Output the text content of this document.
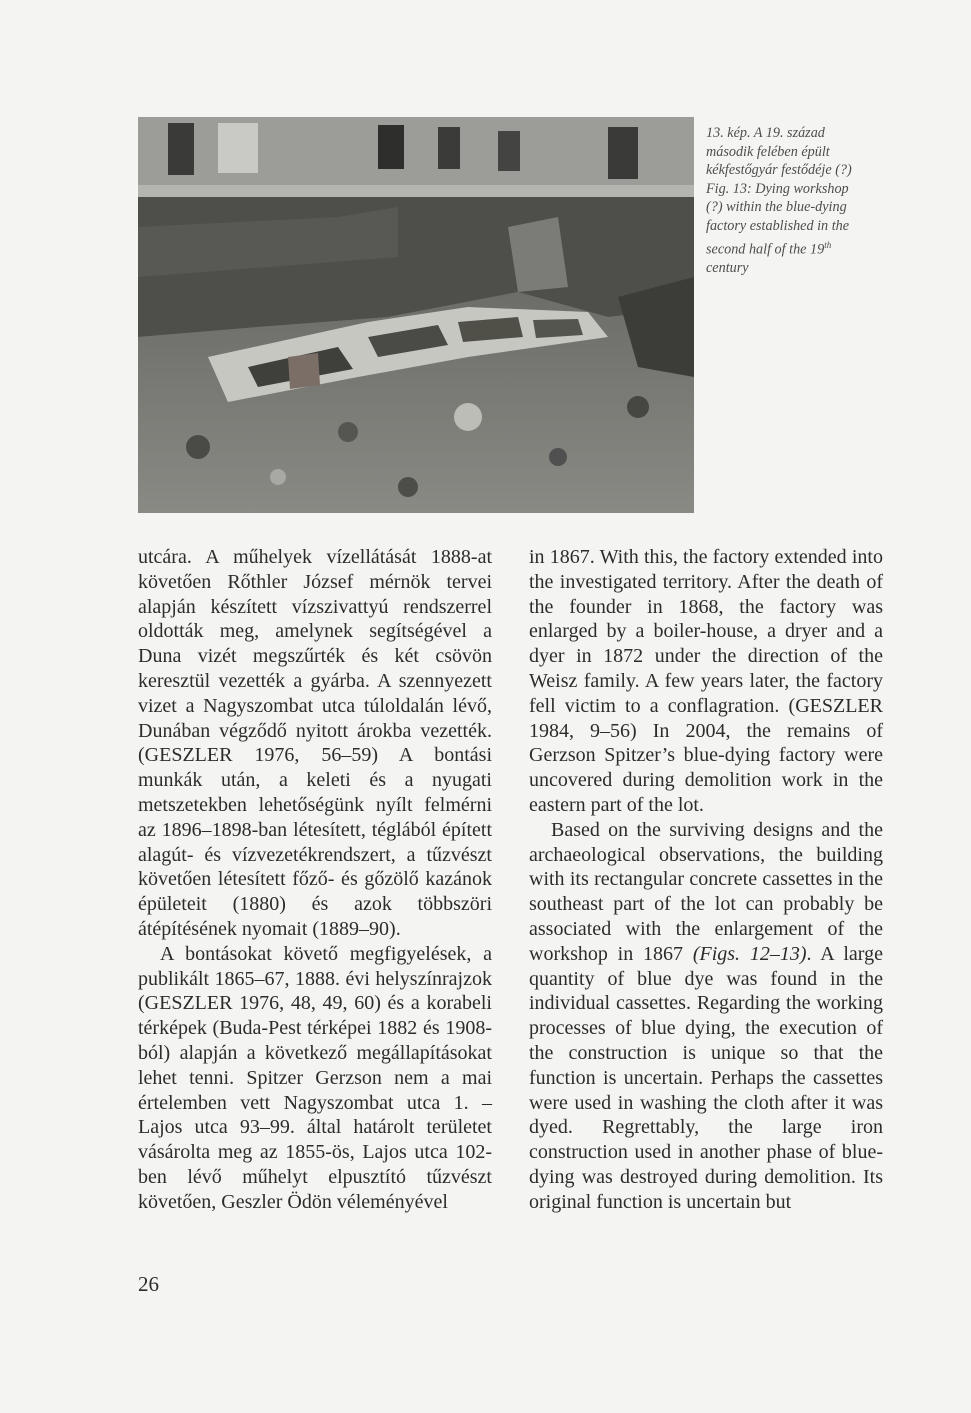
13. kép. A 19. század

második felében épült

kékfestőgyár festődéje (?)

Fig. 13: Dying workshop

(?) within the blue-dying

factory established in the

second half of the 19th

century

utcára. A műhelyek vízellátását 1888-at követően Rőthler József mérnök tervei alapján készített vízszivattyú rendszerrel oldották meg, amelynek segítségével a Duna vizét megszűrték és két csövön keresztül vezették a gyárba. A szennyezett vizet a Nagyszombat utca túloldalán lévő, Dunában végződő nyitott árokba vezették. (GESZLER 1976, 56–59) A bontási munkák után, a keleti és a nyugati metszetekben lehetőségünk nyílt felmérni az 1896–1898-ban létesített, téglából épített alagút- és vízvezetékrendszert, a tűzvészt követően létesített főző- és gőzölő kazánok épületeit (1880) és azok többszöri átépítésének nyomait (1889–90).

A bontásokat követő megfigyelések, a publikált 1865–67, 1888. évi helyszínrajzok (GESZLER 1976, 48, 49, 60) és a korabeli térképek (Buda-Pest térképei 1882 és 1908-ból) alapján a következő megállapításokat lehet tenni. Spitzer Gerzson nem a mai értelemben vett Nagyszombat utca 1. – Lajos utca 93–99. által határolt területet vásárolta meg az 1855-ös, Lajos utca 102-ben lévő műhelyt elpusztító tűzvészt követően, Geszler Ödön véleményével

in 1867. With this, the factory extended into the investigated territory. After the death of the founder in 1868, the factory was enlarged by a boiler-house, a dryer and a dyer in 1872 under the direction of the Weisz family. A few years later, the factory fell victim to a conflagration. (GESZLER 1984, 9–56) In 2004, the remains of Gerzson Spitzer’s blue-dying factory were uncovered during demolition work in the eastern part of the lot.

Based on the surviving designs and the archaeological observations, the building with its rectangular concrete cassettes in the southeast part of the lot can probably be associated with the enlargement of the workshop in 1867 (Figs. 12–13). A large quantity of blue dye was found in the individual cassettes. Regarding the working processes of blue dying, the execution of the construction is unique so that the function is uncertain. Perhaps the cassettes were used in washing the cloth after it was dyed. Regrettably, the large iron construction used in another phase of blue-dying was destroyed during demolition. Its original function is uncertain but

26
